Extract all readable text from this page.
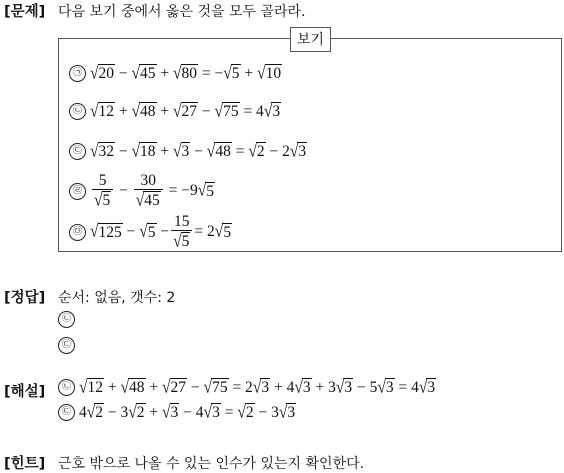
[문제] 다음 보기 중에서 옳은 것을 모두 골라라.
보기
㉠ √20 − √45 + √80 = −√5 + √10
㉡ √12 + √48 + √27 − √75 = 4√3
㉢ √32 − √18 + √3 − √48 = √2 − 2√3
㉣ $\frac{5}{√5} - \frac{30}{√45} = -9$ √ 5
㉤ √ 125 − √ $5 - \frac{15}{√5} = 2$ √ 5
[정답] 순서: 없음, 갯수: 2
㉡
㉢
[해설]	㉡ √12 + √48 + √27 − √75 = 2√3 + 4√3 + 3√3 − 5√3 = 4√3
㉢ 4√2 − 3√2 + √3 − 4√3 = √2 − 3√3
[힌트] 근호 밖으로 나올 수 있는 인수가 있는지 확인한다.
